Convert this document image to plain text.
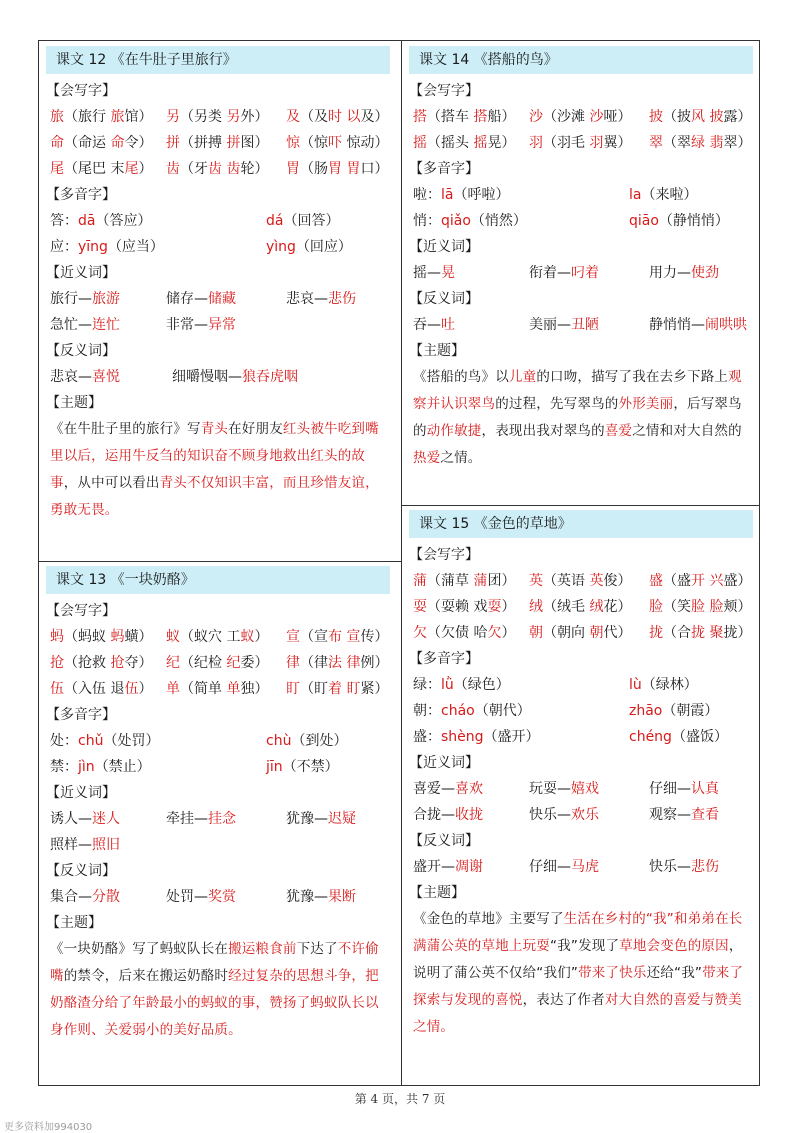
课文 12 《在牛肚子里旅行》
【会写字】
旅（旅行 旅馆） 另（另类 另外） 及（及时 以及）
命（命运 命令） 拼（拼搏 拼图） 惊（惊吓 惊动）
尾（尾巴 末尾） 齿（牙齿 齿轮） 胃（肠胃 胃口）
【多音字】
答：dā（答应）	dá（回答）
应：yīng（应当）	yìng（回应）
【近义词】
旅行—旅游	储存—储藏	悲哀—悲伤
急忙—连忙	非常—异常
【反义词】
悲哀—喜悦	细嚼慢咽—狼吞虎咽
【主题】
《在牛肚子里的旅行》写青头在好朋友红头被牛吃到嘴里以后，运用牛反刍的知识奋不顾身地救出红头的故事，从中可以看出青头不仅知识丰富，而且珍惜友谊，勇敢无畏。
课文 13 《一块奶酪》
【会写字】
蚂（蚂蚁 蚂蟥） 蚁（蚁穴 工蚁） 宣（宣布 宣传）
抢（抢救 抢夺） 纪（纪检 纪委） 律（律法 律例）
伍（入伍 退伍） 单（简单 单独） 盯（盯着 盯紧）
【多音字】
处：chǔ（处罚）	chù（到处）
禁：jìn（禁止）	jīn（不禁）
【近义词】
诱人—迷人	牵挂—挂念	犹豫—迟疑
照样—照旧
【反义词】
集合—分散	处罚—奖赏	犹豫—果断
【主题】
《一块奶酪》写了蚂蚁队长在搬运粮食前下达了不许偷嘴的禁令，后来在搬运奶酪时经过复杂的思想斗争，把奶酪渣分给了年龄最小的蚂蚁的事，赞扬了蚂蚁队长以身作则、关爱弱小的美好品质。
课文 14 《搭船的鸟》
【会写字】
搭（搭车 搭船） 沙（沙滩 沙哑） 披（披风 披露）
摇（摇头 摇晃） 羽（羽毛 羽翼） 翠（翠绿 翡翠）
【多音字】
啦：lā（呼啦）	la（来啦）
悄：qiǎo（悄然）	qiāo（静悄悄）
【近义词】
摇—晃	衔着—叼着	用力—使劲
【反义词】
吞—吐	美丽—丑陋	静悄悄—闹哄哄
【主题】
《搭船的鸟》以儿童的口吻，描写了我在去乡下路上观察并认识翠鸟的过程，先写翠鸟的外形美丽，后写翠鸟的动作敏捷，表现出我对翠鸟的喜爱之情和对大自然的热爱之情。
课文 15 《金色的草地》
【会写字】
蒲（蒲草 蒲团） 英（英语 英俊） 盛（盛开 兴盛）
耍（耍赖 戏耍） 绒（绒毛 绒花） 脸（笑脸 脸颊）
欠（欠债 哈欠） 朝（朝向 朝代） 拢（合拢 聚拢）
【多音字】
绿：lǜ（绿色）	lù（绿林）
朝：cháo（朝代）	zhāo（朝霞）
盛：shèng（盛开）	chéng（盛饭）
【近义词】
喜爱—喜欢	玩耍—嬉戏	仔细—认真
合拢—收拢	快乐—欢乐	观察—查看
【反义词】
盛开—凋谢	仔细—马虎	快乐—悲伤
【主题】
《金色的草地》主要写了生活在乡村的“我”和弟弟在长满蒲公英的草地上玩耍“我”发现了草地会变色的原因，说明了蒲公英不仅给“我们”带来了快乐还给“我”带来了探索与发现的喜悦，表达了作者对大自然的喜爱与赞美之情。
第 4 页，共 7 页
更多资料加994030
